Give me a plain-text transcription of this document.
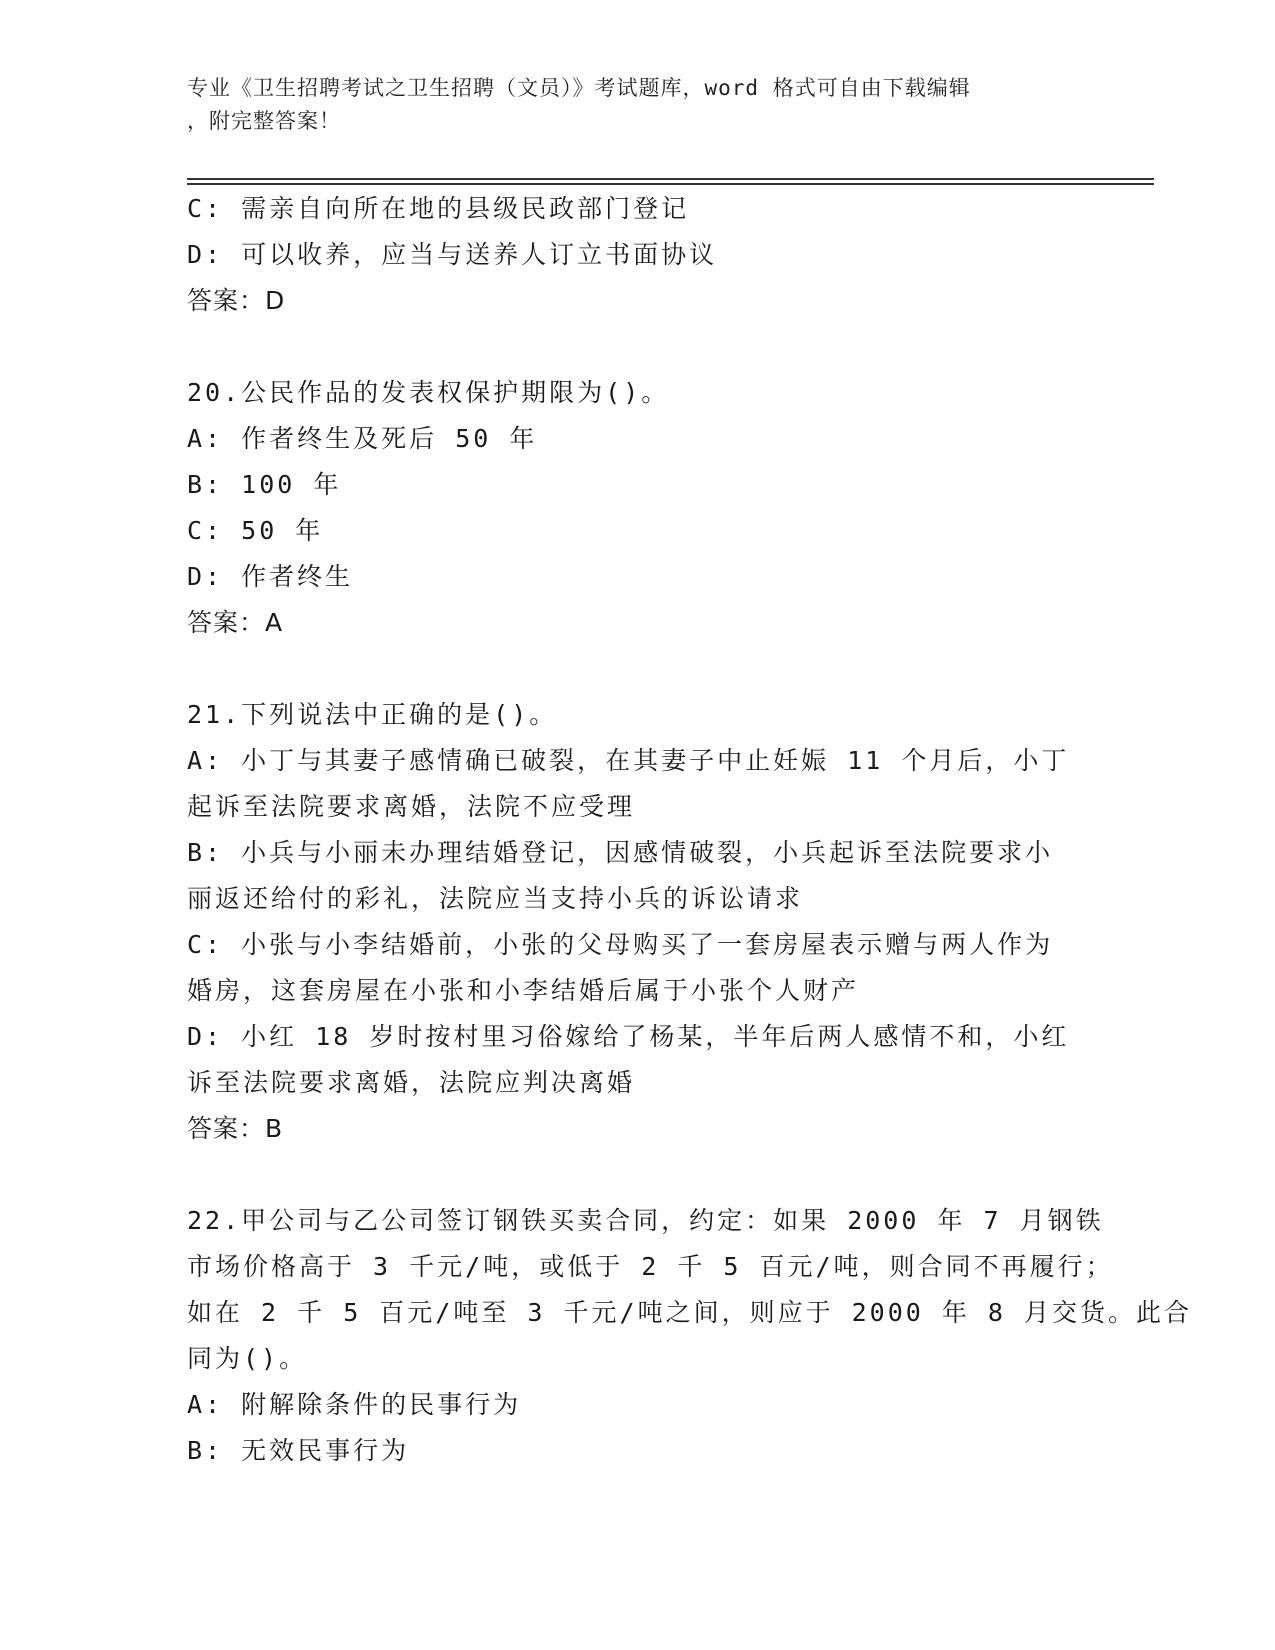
专业《卫生招聘考试之卫生招聘（文员）》考试题库，word 格式可自由下载编辑
，附完整答案！
C: 需亲自向所在地的县级民政部门登记
D: 可以收养，应当与送养人订立书面协议
答案：D
20.公民作品的发表权保护期限为()。
A: 作者终生及死后 50 年
B: 100 年
C: 50 年
D: 作者终生
答案：A
21.下列说法中正确的是()。
A: 小丁与其妻子感情确已破裂，在其妻子中止妊娠 11 个月后，小丁
起诉至法院要求离婚，法院不应受理
B: 小兵与小丽未办理结婚登记，因感情破裂，小兵起诉至法院要求小
丽返还给付的彩礼，法院应当支持小兵的诉讼请求
C: 小张与小李结婚前，小张的父母购买了一套房屋表示赠与两人作为
婚房，这套房屋在小张和小李结婚后属于小张个人财产
D: 小红 18 岁时按村里习俗嫁给了杨某，半年后两人感情不和，小红
诉至法院要求离婚，法院应判决离婚
答案：B
22.甲公司与乙公司签订钢铁买卖合同，约定：如果 2000 年 7 月钢铁
市场价格高于 3 千元/吨，或低于 2 千 5 百元/吨，则合同不再履行；
如在 2 千 5 百元/吨至 3 千元/吨之间，则应于 2000 年 8 月交货。此合
同为()。
A: 附解除条件的民事行为
B: 无效民事行为
